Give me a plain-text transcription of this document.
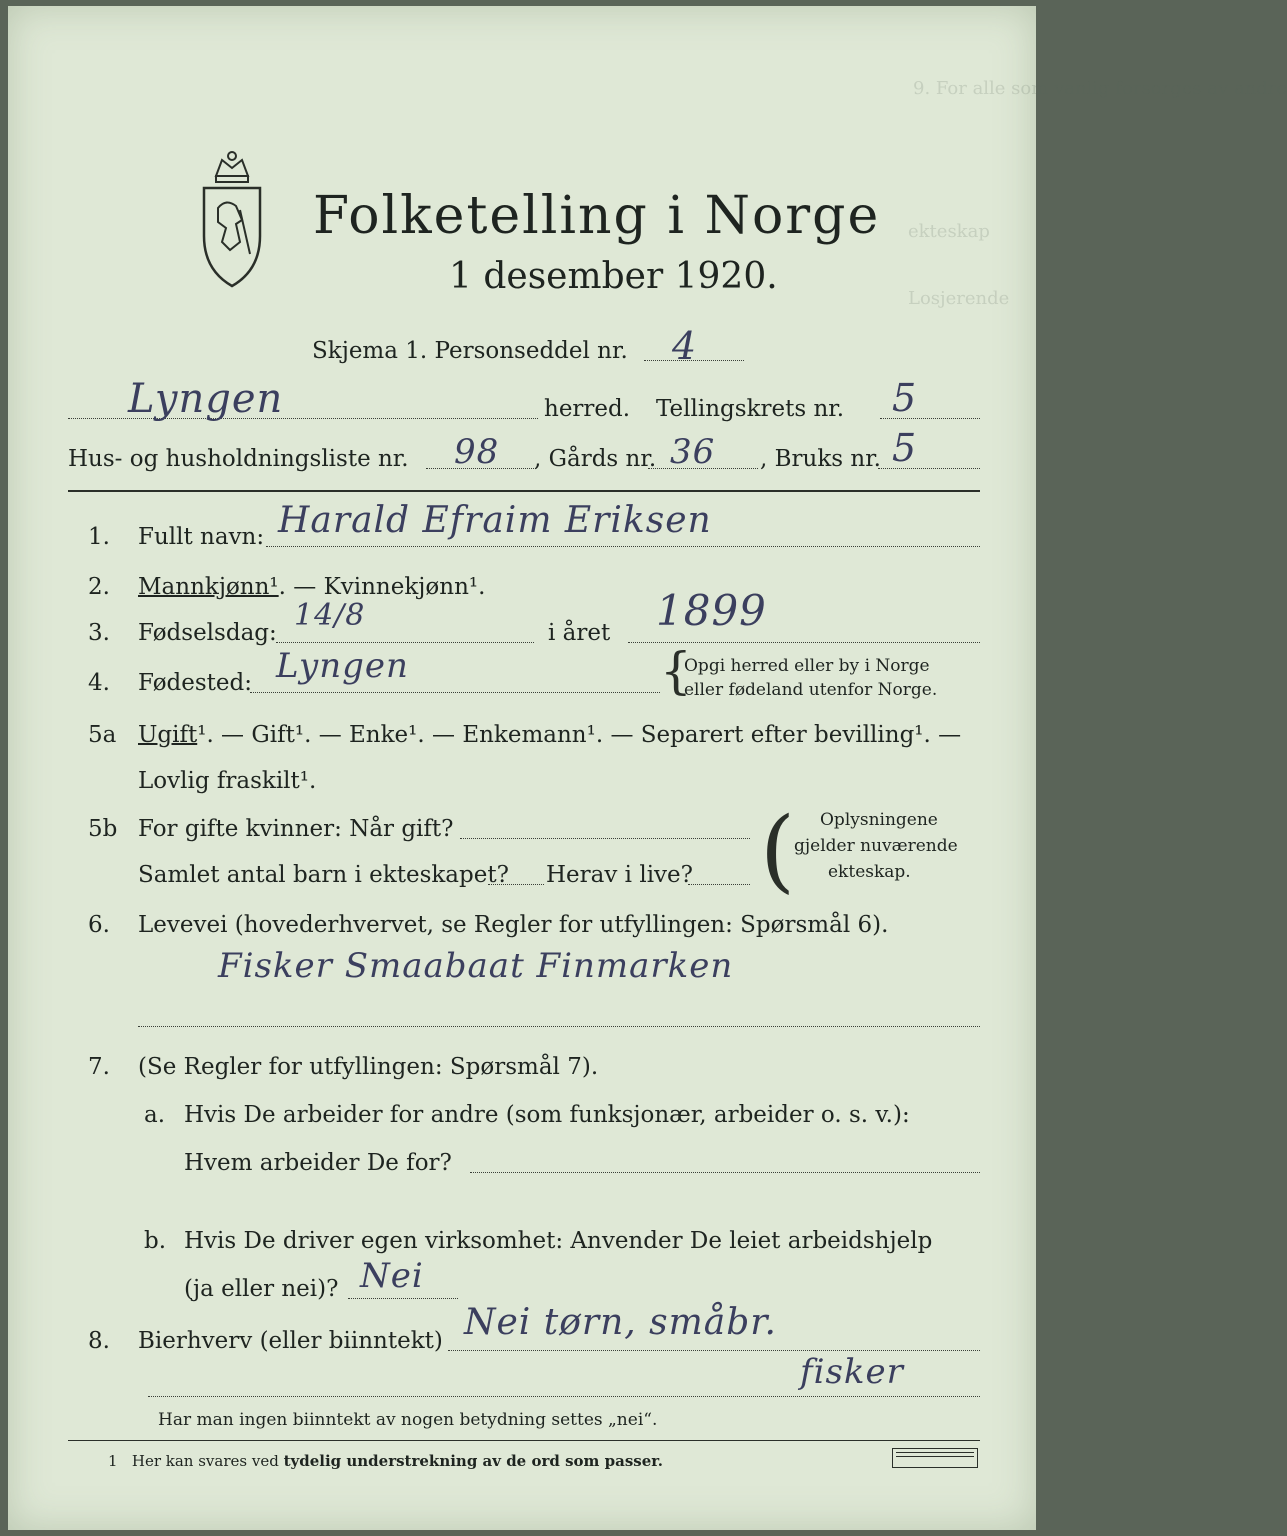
9. For alle som vanlig forsorges av andre
ekteskap
Losjerende
Folketelling i Norge
1 desember 1920.
Skjema 1. Personseddel nr. 4
Lyngen	herred. Tellingskrets nr. 5
Hus- og husholdningsliste nr. 98 , Gårds nr. 36 , Bruks nr. 5
1. Fullt navn: Harald Efraim Eriksen
2. Mannkjønn¹. — Kvinnekjønn¹.
3. Fødselsdag: 14/8	i året 1899
4. Fødested: Lyngen	{
Opgi herred eller by i Norge
eller fødeland utenfor Norge.
5a Ugift¹. — Gift¹. — Enke¹. — Enkemann¹. — Separert efter bevilling¹. —
Lovlig fraskilt¹.
5b For gifte kvinner: Når gift?
Samlet antal barn i ekteskapet? Herav i live? ( Oplysningene
gjelder nuværende
ekteskap.
6. Levevei (hovederhvervet, se Regler for utfyllingen: Spørsmål 6).
Fisker Smaabaat Finmarken
7. (Se Regler for utfyllingen: Spørsmål 7).
a. Hvis De arbeider for andre (som funksjonær, arbeider o. s. v.):
Hvem arbeider De for?
b. Hvis De driver egen virksomhet: Anvender De leiet arbeidshjelp
(ja eller nei)? Nei
8. Bierhverv (eller biinntekt) Nei tørn, småbr.
fisker
Har man ingen biinntekt av nogen betydning settes „nei“.
1 Her kan svares ved tydelig understrekning av de ord som passer.
